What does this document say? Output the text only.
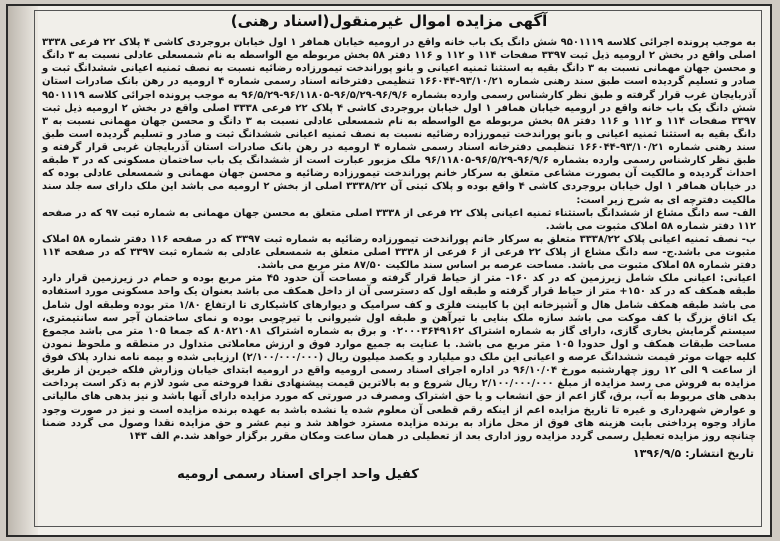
آگهی مزایده اموال غیرمنقول(اسناد رهنی)

به موجب پرونده اجرائی کلاسه ۹۵۰۱۱۱۹ شش دانگ یک باب خانه واقع در ارومیه خیابان همافر ۱ اول خیابان بروجردی کاشی ۴ پلاک ۲۲ فرعی ۳۳۳۸ اصلی واقع در بخش ۲ ارومیه ذیل ثبت ۳۳۹۷ صفحات ۱۱۴ و ۱۱۲ و ۱۱۶ دفتر ۵۸ بخش مربوطه مع الواسطه به نام شمسعلی عادلی نسبت به ۳ دانگ و محسن جهان مهمانی نسبت به ۳ دانگ بقیه به استثنا ثمنیه اعیانی و بانو پوراندخت تیمورزاده رضائیه نسبت به نصف ثمنیه اعیانی ششدانگ ثبت و صادر و تسلیم گردیده است طبق سند رهنی شماره ۹۳/۱۰/۲۱-۱۶۶۰۴۴ تنظیمی دفترخانه اسناد رسمی شماره ۴ ارومیه در رهن بانک صادرات استان آذربایجان غرب قرار گرفته و طبق نظر کارشناس رسمی وارده بشماره ۹۶/۹/۶-۹۶/۵/۲۹-۹۶/۱۱۸۰۵-۹۶/۵/۲۹ به موجب پرونده اجرائی کلاسه ۹۵۰۱۱۱۹ شش دانگ یک باب خانه واقع در ارومیه خیابان همافر ۱ اول خیابان بروجردی کاشی ۴ پلاک ۲۲ فرعی ۳۳۳۸ اصلی واقع در بخش ۲ ارومیه ذیل ثبت ۳۳۹۷ صفحات ۱۱۴ و ۱۱۲ و ۱۱۶ دفتر ۵۸ بخش مربوطه مع الواسطه به نام شمسعلی عادلی نسبت به ۳ دانگ و محسن جهان مهمانی نسبت به ۳ دانگ بقیه به استثنا ثمنیه اعیانی و بانو پوراندخت تیمورزاده رضائیه نسبت به نصف ثمنیه اعیانی ششدانگ ثبت و صادر و تسلیم گردیده است طبق سند رهنی شماره ۹۳/۱۰/۲۱-۱۶۶۰۴۴ تنظیمی دفترخانه اسناد رسمی شماره ۴ ارومیه در رهن بانک صادرات استان آذربایجان غربی قرار گرفته و طبق نظر کارشناس رسمی وارده بشماره ۹۶/۹/۶-۹۶/۵/۲۹-۹۶/۱۱۸۰۵ ملک مزبور عبارت است از ششدانگ یک باب ساختمان مسکونی که در ۳ طبقه احداث گردیده و مالکیت آن بصورت مشاعی متعلق به سرکار خانم پوراندخت تیمورزاده رضائیه و محسن جهان مهمانی و شمسعلی عادلی بوده که در خیابان همافر ۱ اول خیابان بروجردی کاشی ۴ واقع بوده و پلاک ثبتی آن ۳۳۳۸/۲۲ اصلی از بخش ۲ ارومیه می باشد این ملک دارای سه جلد سند مالکیت دفترچه ای به شرح زیر است:

الف- سه دانگ مشاع از ششدانگ باستثناء ثمنیه اعیانی پلاک ۲۲ فرعی از ۳۳۳۸ اصلی متعلق به محسن جهان مهمانی به شماره ثبت ۹۷ که در صفحه ۱۱۲ دفتر شماره ۵۸ املاک مثبوت می باشد.

ب- نصف ثمنیه اعیانی پلاک ۳۳۳۸/۲۲ متعلق به سرکار خانم پوراندخت تیمورزاده رضائیه به شماره ثبت ۳۳۹۷ که در صفحه ۱۱۶ دفتر شماره ۵۸ املاک مثبوت می باشد.ج- سه دانگ مشاع از پلاک ۲۲ فرعی از ۶ فرعی از ۳۳۳۸ اصلی متعلق به شمسعلی عادلی به شماره ثبت ۳۳۹۷ که در صفحه ۱۱۴ دفتر شماره ۵۸ املاک مثبوت می باشد. مساحت عرصه بر اساس سند مالکیت ۸۷/۵۰ متر مربع می باشد.

اعیانی: اعیانی ملک شامل زیرزمین که در کد ۱۶۰- متر از حیاط قرار گرفته و مساحت آن حدود ۴۵ متر مربع بوده و حمام در زیرزمین قرار دارد طبقه همکف که در کد ۱۵۰+ متر از حیاط قرار گرفته و طبقه اول که دسترسی آن از داخل همکف می باشد بعنوان یک واحد مسکونی مورد استفاده می باشد طبقه همکف شامل هال و آشپزخانه اپن با کابینت فلزی و کف سرامیک و دیوارهای کاشیکاری تا ارتفاع ۱/۸۰ متر بوده وطبقه اول شامل یک اتاق بزرگ با کف موکت می باشد سازه ملک بنایی با تیرآهن و طبقه اول شیروانی با تیرچوبی بوده و نمای ساختمان آجر سه سانتیمتری، سیستم گرمایش بخاری گازی، دارای گاز به شماره اشتراک ۰۲۰۰۰۳۶۴۹۱۶۲ و برق به شماره اشتراک ۸۰۸۲۱۰۸۱ که جمعا ۱۰۵ متر می باشد مجموع مساحت طبقات همکف و اول حدودا ۱۰۵ متر مربع می باشد. با عنایت به جمیع موارد فوق و ارزش معاملاتی متداول در منطقه و ملحوظ نمودن کلیه جهات موثر قیمت ششدانگ عرصه و اعیانی این ملک دو میلیارد و یکصد میلیون ریال (۲/۱۰۰/۰۰۰/۰۰۰) ارزیابی شده و بیمه نامه ندارد پلاک فوق از ساعت ۹ الی ۱۲ روز چهارشنبه مورخ ۹۶/۱۰/۰۴ در اداره اجرای اسناد رسمی ارومیه واقع در ارومیه ابتدای خیابان وزارش فلکه خیرین از طریق مزایده به فروش می رسد مزایده از مبلغ ۲/۱۰۰/۰۰۰/۰۰۰ ریال شروع و به بالاترین قیمت پیشنهادی نقدا فروخته می شود لازم به ذکر است پرداخت بدهی های مربوط به آب، برق، گاز اعم از حق انشعاب و یا حق اشتراک ومصرف در صورتی که مورد مزایده دارای آنها باشد و نیز بدهی های مالیاتی و عوارض شهرداری و غیره تا تاریخ مزایده اعم از اینکه رقم قطعی آن معلوم شده یا نشده باشد به عهده برنده مزایده است و نیز در صورت وجود مازاد وجوه پرداختی بابت هزینه های فوق از محل مازاد به برنده مزایده مسترد خواهد شد و نیم عشر و حق مزایده نقدا وصول می گردد ضمنا چنانچه روز مزایده تعطیل رسمی گردد مزایده روز اداری بعد از تعطیلی در همان ساعت ومکان مقرر برگزار خواهد شد.م الف ۱۴۳

تاریخ انتشار: ۱۳۹۶/۹/۵
کفیل واحد اجرای اسناد رسمی ارومیه
